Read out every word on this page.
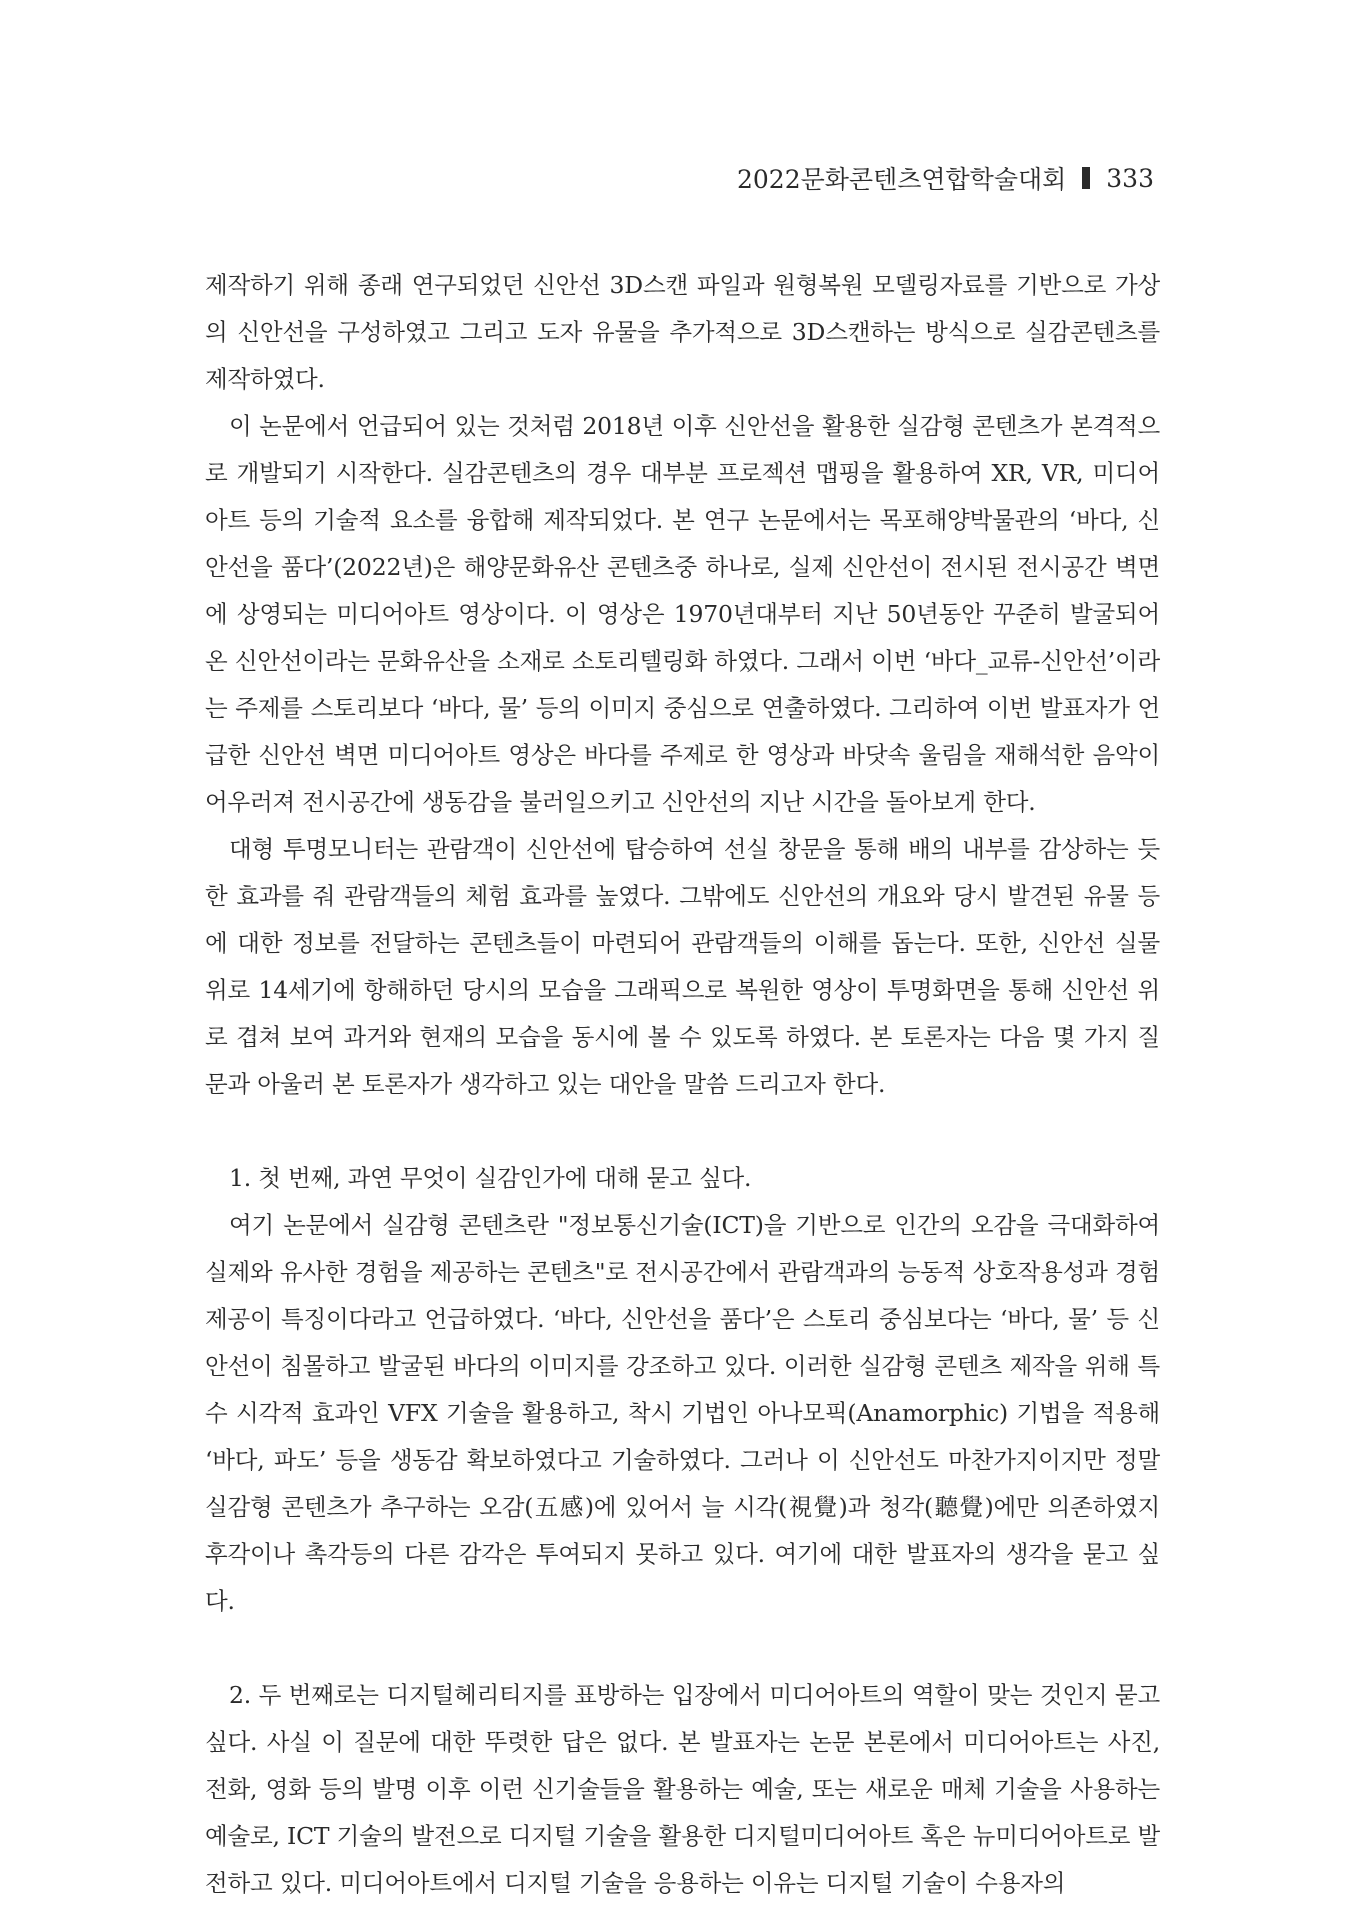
2022문화콘텐츠연합학술대회 333

제작하기 위해 종래 연구되었던 신안선 3D스캔 파일과 원형복원 모델링자료를 기반으로 가상의 신안선을 구성하였고 그리고 도자 유물을 추가적으로 3D스캔하는 방식으로 실감콘텐츠를 제작하였다.

이 논문에서 언급되어 있는 것처럼 2018년 이후 신안선을 활용한 실감형 콘텐츠가 본격적으로 개발되기 시작한다. 실감콘텐츠의 경우 대부분 프로젝션 맵핑을 활용하여 XR, VR, 미디어 아트 등의 기술적 요소를 융합해 제작되었다. 본 연구 논문에서는 목포해양박물관의 ‘바다, 신안선을 품다’(2022년)은 해양문화유산 콘텐츠중 하나로, 실제 신안선이 전시된 전시공간 벽면에 상영되는 미디어아트 영상이다. 이 영상은 1970년대부터 지난 50년동안 꾸준히 발굴되어온 신안선이라는 문화유산을 소재로 소토리텔링화 하였다. 그래서 이번 ‘바다_교류-신안선’이라는 주제를 스토리보다 ‘바다, 물’ 등의 이미지 중심으로 연출하였다. 그리하여 이번 발표자가 언급한 신안선 벽면 미디어아트 영상은 바다를 주제로 한 영상과 바닷속 울림을 재해석한 음악이 어우러져 전시공간에 생동감을 불러일으키고 신안선의 지난 시간을 돌아보게 한다.

대형 투명모니터는 관람객이 신안선에 탑승하여 선실 창문을 통해 배의 내부를 감상하는 듯한 효과를 줘 관람객들의 체험 효과를 높였다. 그밖에도 신안선의 개요와 당시 발견된 유물 등에 대한 정보를 전달하는 콘텐츠들이 마련되어 관람객들의 이해를 돕는다. 또한, 신안선 실물 위로 14세기에 항해하던 당시의 모습을 그래픽으로 복원한 영상이 투명화면을 통해 신안선 위로 겹쳐 보여 과거와 현재의 모습을 동시에 볼 수 있도록 하였다. 본 토론자는 다음 몇 가지 질문과 아울러 본 토론자가 생각하고 있는 대안을 말씀 드리고자 한다.

1. 첫 번째, 과연 무엇이 실감인가에 대해 묻고 싶다.

여기 논문에서 실감형 콘텐츠란 "정보통신기술(ICT)을 기반으로 인간의 오감을 극대화하여 실제와 유사한 경험을 제공하는 콘텐츠"로 전시공간에서 관람객과의 능동적 상호작용성과 경험제공이 특징이다라고 언급하였다. ‘바다, 신안선을 품다’은 스토리 중심보다는 ‘바다, 물’ 등 신안선이 침몰하고 발굴된 바다의 이미지를 강조하고 있다. 이러한 실감형 콘텐츠 제작을 위해 특수 시각적 효과인 VFX 기술을 활용하고, 착시 기법인 아나모픽(Anamorphic) 기법을 적용해 ‘바다, 파도’ 등을 생동감 확보하였다고 기술하였다. 그러나 이 신안선도 마찬가지이지만 정말 실감형 콘텐츠가 추구하는 오감(五感)에 있어서 늘 시각(視覺)과 청각(聽覺)에만 의존하였지 후각이나 촉각등의 다른 감각은 투여되지 못하고 있다. 여기에 대한 발표자의 생각을 묻고 싶다.

2. 두 번째로는 디지털헤리티지를 표방하는 입장에서 미디어아트의 역할이 맞는 것인지 묻고 싶다. 사실 이 질문에 대한 뚜렷한 답은 없다. 본 발표자는 논문 본론에서 미디어아트는 사진, 전화, 영화 등의 발명 이후 이런 신기술들을 활용하는 예술, 또는 새로운 매체 기술을 사용하는 예술로, ICT 기술의 발전으로 디지털 기술을 활용한 디지털미디어아트 혹은 뉴미디어아트로 발전하고 있다. 미디어아트에서 디지털 기술을 응용하는 이유는 디지털 기술이 수용자의
